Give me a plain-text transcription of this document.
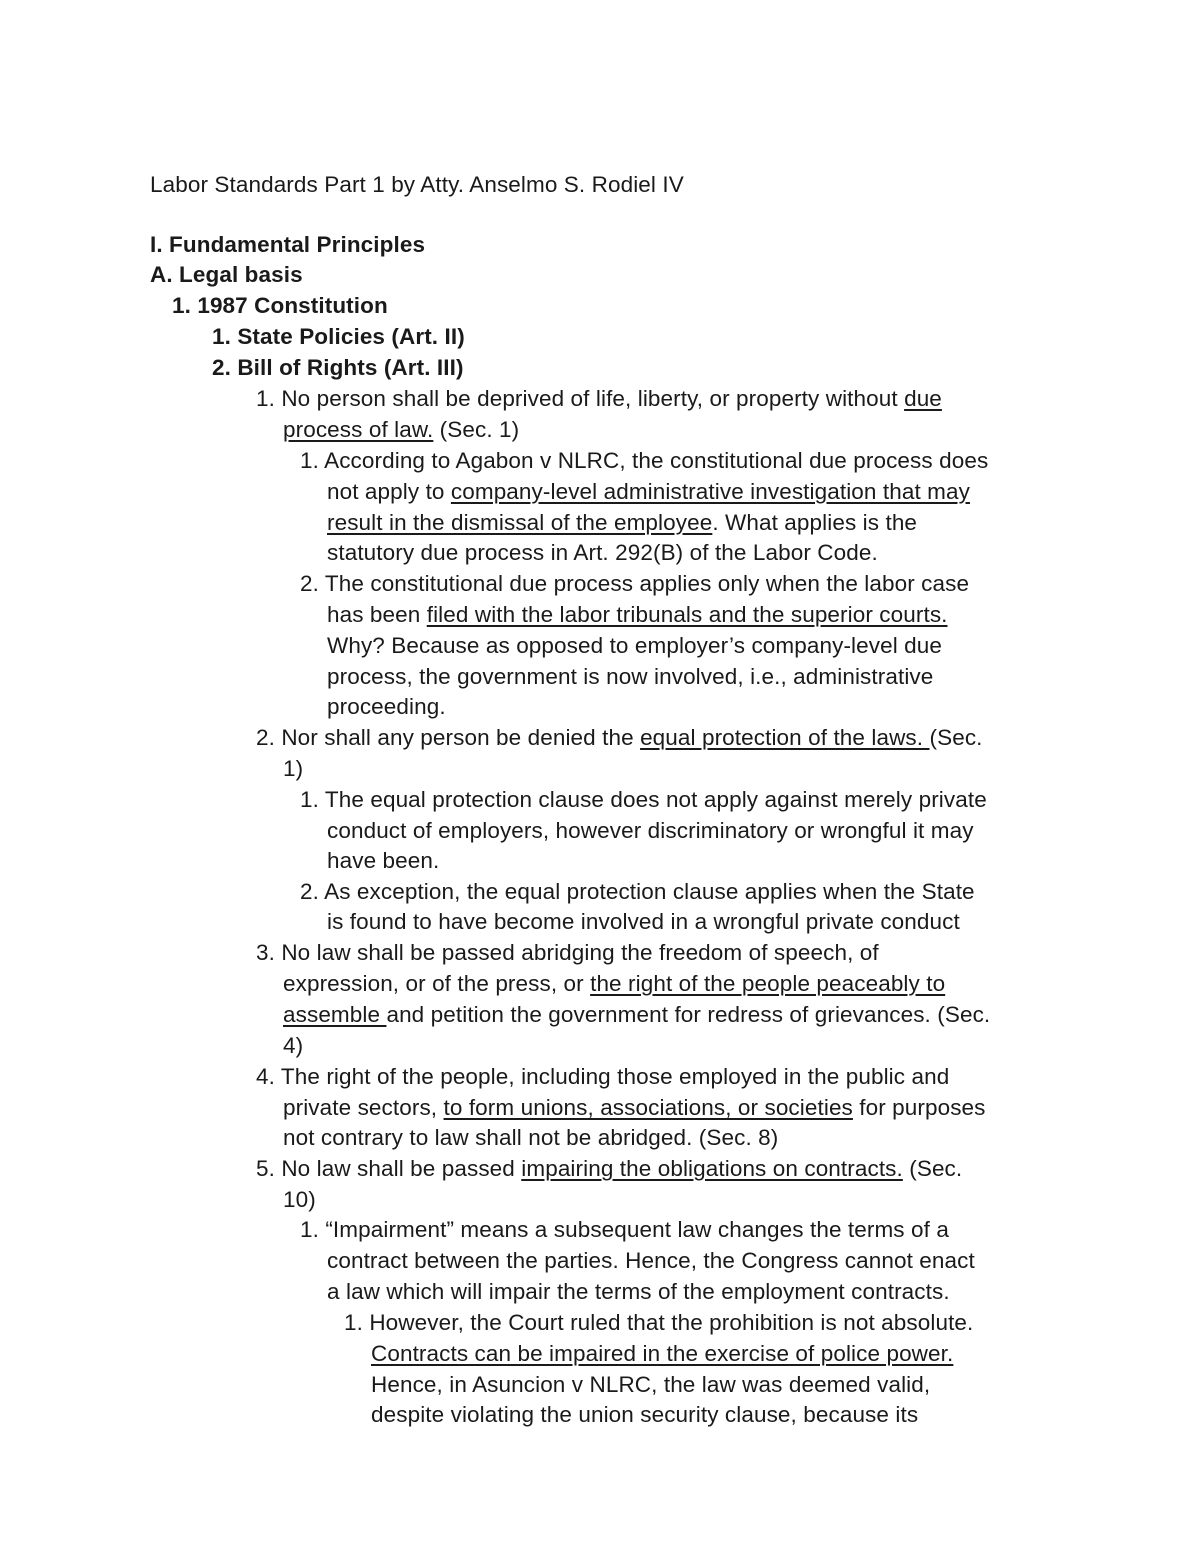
Labor Standards Part 1 by Atty. Anselmo S. Rodiel IV
I. Fundamental Principles
A. Legal basis
1. 1987 Constitution
1. State Policies (Art. II)
2. Bill of Rights (Art. III)
1. No person shall be deprived of life, liberty, or property without due
process of law. (Sec. 1)
1. According to Agabon v NLRC, the constitutional due process does
not apply to company-level administrative investigation that may
result in the dismissal of the employee. What applies is the
statutory due process in Art. 292(B) of the Labor Code.
2. The constitutional due process applies only when the labor case
has been filed with the labor tribunals and the superior courts.
Why? Because as opposed to employer’s company-level due
process, the government is now involved, i.e., administrative
proceeding.
2. Nor shall any person be denied the equal protection of the laws. (Sec.
1)
1. The equal protection clause does not apply against merely private
conduct of employers, however discriminatory or wrongful it may
have been.
2. As exception, the equal protection clause applies when the State
is found to have become involved in a wrongful private conduct
3. No law shall be passed abridging the freedom of speech, of
expression, or of the press, or the right of the people peaceably to
assemble and petition the government for redress of grievances. (Sec.
4)
4. The right of the people, including those employed in the public and
private sectors, to form unions, associations, or societies for purposes
not contrary to law shall not be abridged. (Sec. 8)
5. No law shall be passed impairing the obligations on contracts. (Sec.
10)
1. “Impairment” means a subsequent law changes the terms of a
contract between the parties. Hence, the Congress cannot enact
a law which will impair the terms of the employment contracts.
1. However, the Court ruled that the prohibition is not absolute.
Contracts can be impaired in the exercise of police power.
Hence, in Asuncion v NLRC, the law was deemed valid,
despite violating the union security clause, because its
